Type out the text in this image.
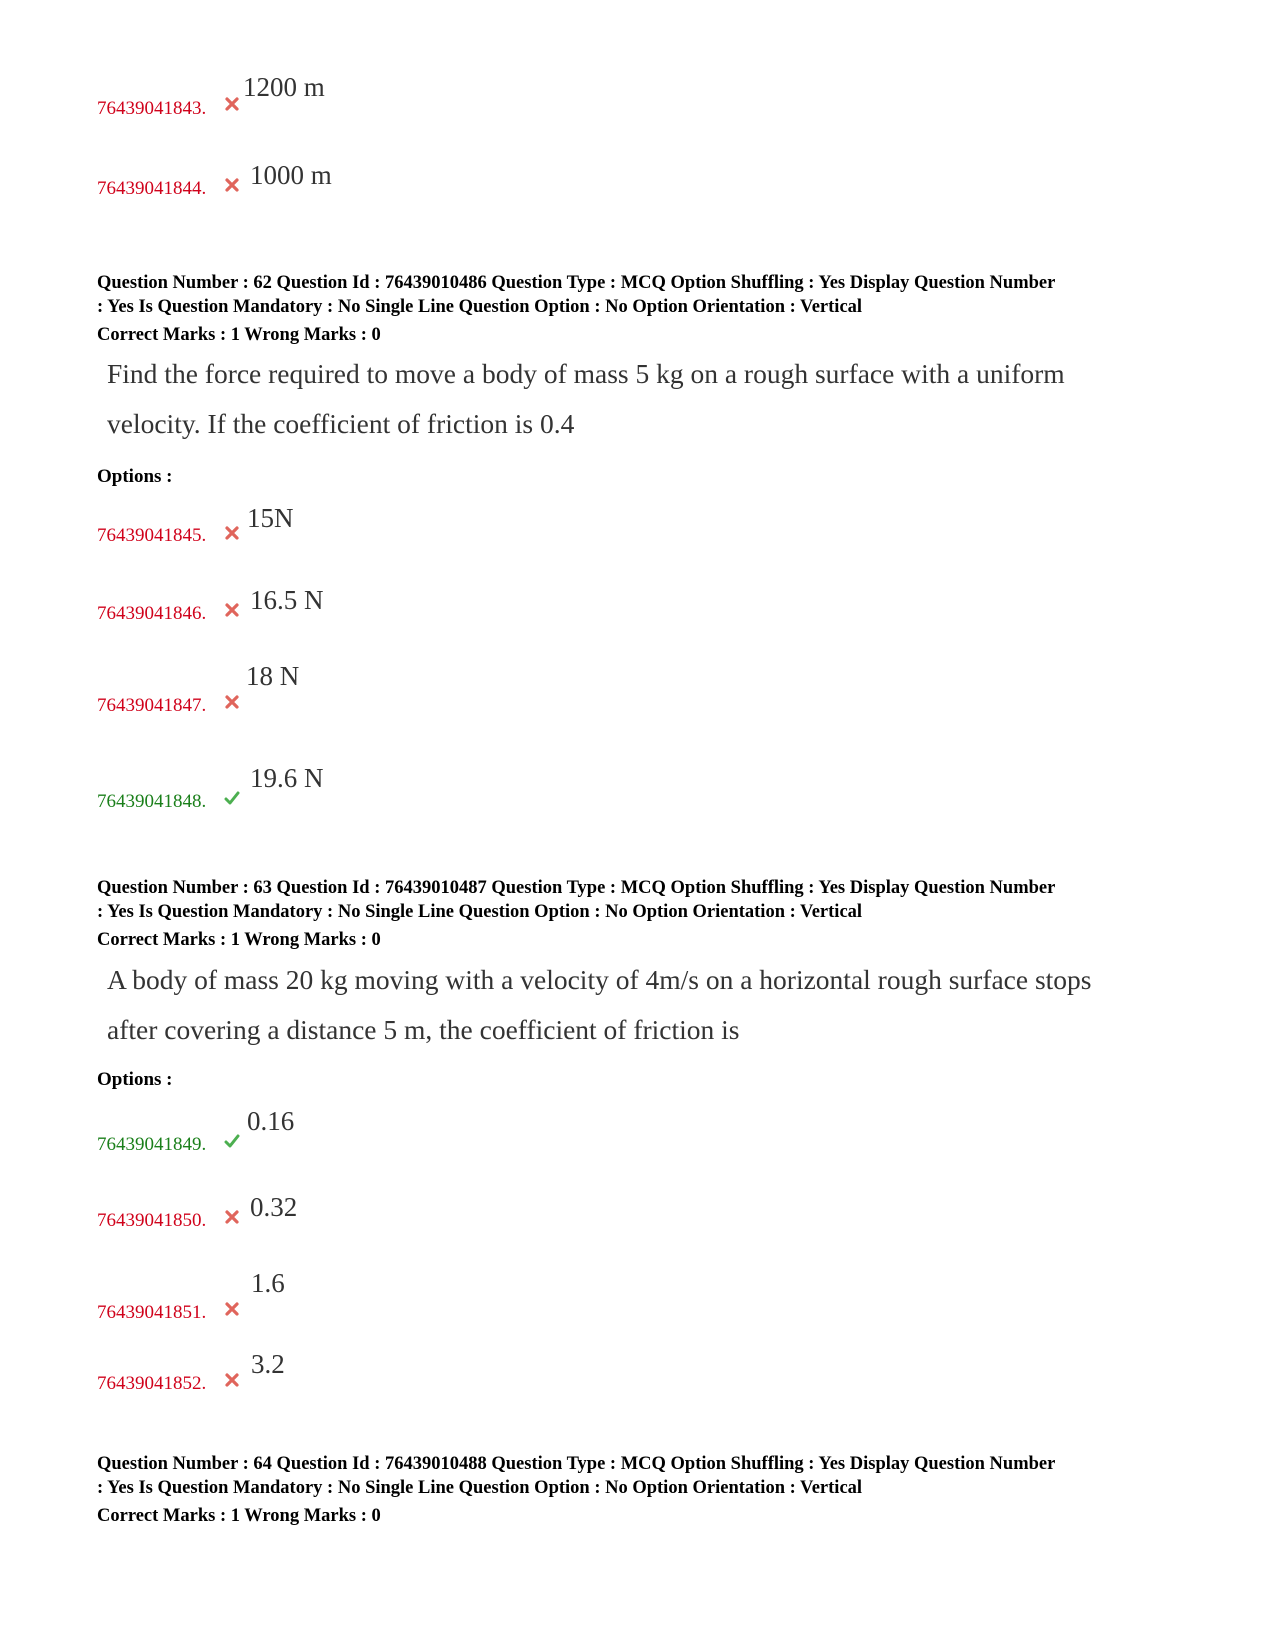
76439041843.
1200 m
76439041844. 1000 m
Question Number : 62 Question Id : 76439010486 Question Type : MCQ Option Shuffling : Yes Display Question Number
: Yes Is Question Mandatory : No Single Line Question Option : No Option Orientation : Vertical
Correct Marks : 1 Wrong Marks : 0
Find the force required to move a body of mass 5 kg on a rough surface with a uniform
velocity. If the coefficient of friction is 0.4
Options :
76439041845.
15N
76439041846. 16.5 N
76439041847.
18 N
76439041848.
19.6 N
Question Number : 63 Question Id : 76439010487 Question Type : MCQ Option Shuffling : Yes Display Question Number
: Yes Is Question Mandatory : No Single Line Question Option : No Option Orientation : Vertical
Correct Marks : 1 Wrong Marks : 0
A body of mass 20 kg moving with a velocity of 4m/s on a horizontal rough surface stops
after covering a distance 5 m, the coefficient of friction is
Options :
76439041849.
0.16
76439041850. 0.32
76439041851.
1.6
76439041852.
3.2
Question Number : 64 Question Id : 76439010488 Question Type : MCQ Option Shuffling : Yes Display Question Number
: Yes Is Question Mandatory : No Single Line Question Option : No Option Orientation : Vertical
Correct Marks : 1 Wrong Marks : 0
